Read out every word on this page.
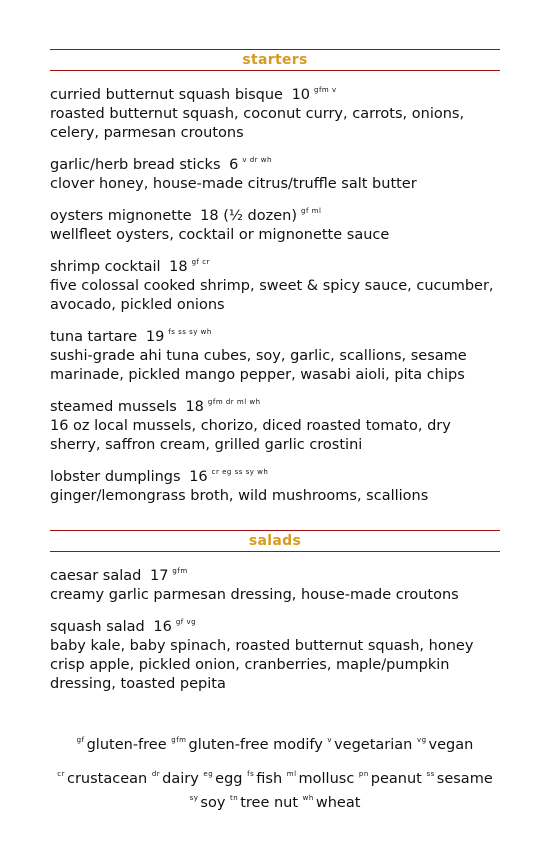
starters
curried butternut squash bisque 10 $^{gfm v}$
roasted butternut squash, coconut curry, carrots, onions, celery, parmesan croutons
garlic/herb bread sticks 6 $^{v dr wh}$
clover honey, house-made citrus/truffle salt butter
oysters mignonette 18 (½ dozen) $^{gf ml}$
wellfleet oysters, cocktail or mignonette sauce
shrimp cocktail 18 $^{gf cr}$
five colossal cooked shrimp, sweet & spicy sauce, cucumber, avocado, pickled onions
tuna tartare 19 $^{fs ss sy wh}$
sushi-grade ahi tuna cubes, soy, garlic, scallions, sesame marinade, pickled mango pepper, wasabi aioli, pita chips
steamed mussels 18 $^{gfm dr ml wh}$
16 oz local mussels, chorizo, diced roasted tomato, dry sherry, saffron cream, grilled garlic crostini
lobster dumplings 16 $^{cr eg ss sy wh}$
ginger/lemongrass broth, wild mushrooms, scallions
salads
caesar salad 17 $^{gfm}$
creamy garlic parmesan dressing, house-made croutons
squash salad 16 $^{gf vg}$
baby kale, baby spinach, roasted butternut squash, honey crisp apple, pickled onion, cranberries, maple/pumpkin dressing, toasted pepita
$^{gf}$ gluten-free $^{gfm}$ gluten-free modify $^v$ vegetarian $^{vg}$ vegan
$^{cr}$ crustacean $^{dr}$ dairy $^{eg}$ egg $^{fs}$ fish $^{ml}$ mollusc $^{pn}$ peanut $^{ss}$ sesame $^{sy}$ soy $^{tn}$ tree nut $^{wh}$ wheat
